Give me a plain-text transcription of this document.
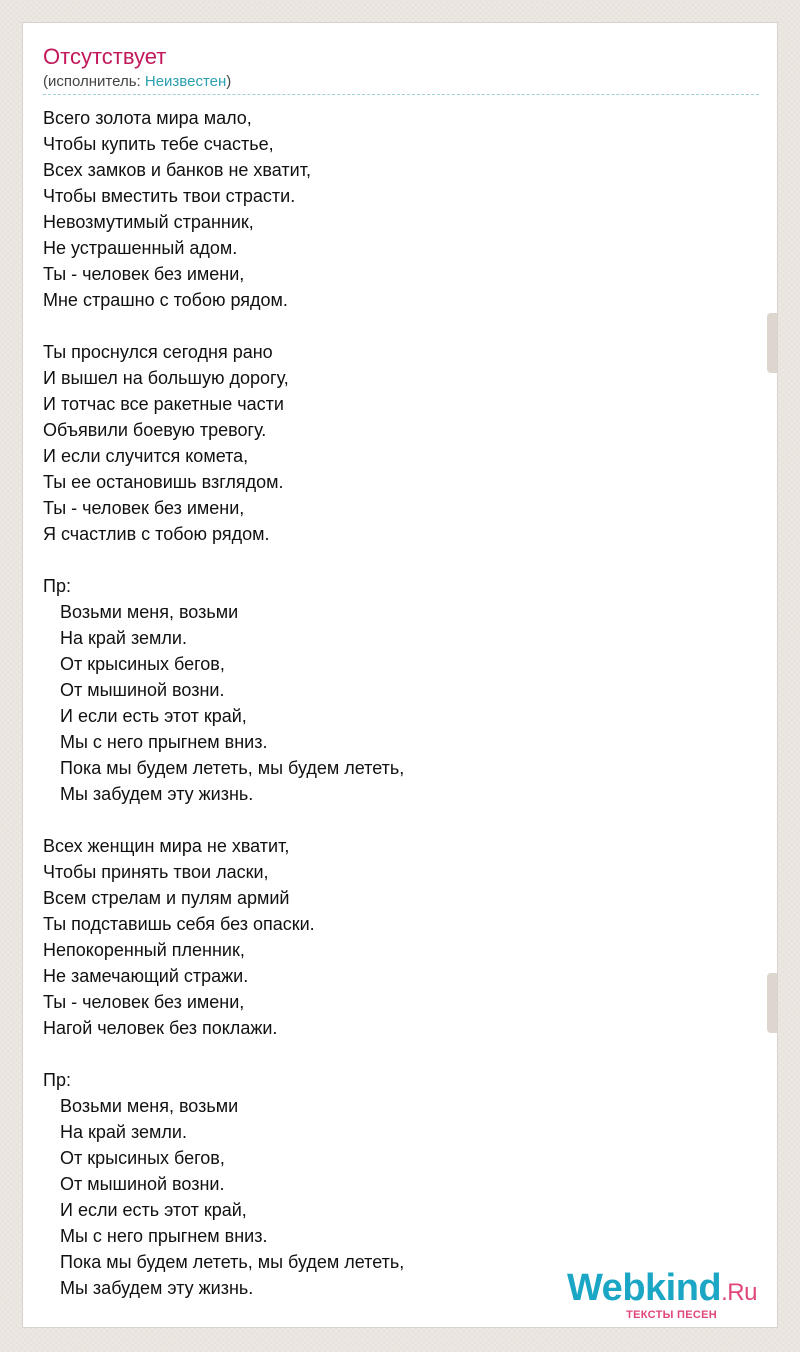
Отсутствует
(исполнитель: Неизвестен)
Всего золота мира мало,
Чтобы купить тебе счастье,
Всех замков и банков не хватит,
Чтобы вместить твои страсти.
Невозмутимый странник,
Не устрашенный адом.
Ты - человек без имени,
Мне страшно с тобою рядом.
Ты проснулся сегодня рано
И вышел на большую дорогу,
И тотчас все ракетные части
Объявили боевую тревогу.
И если случится комета,
Ты ее остановишь взглядом.
Ты - человек без имени,
Я счастлив с тобою рядом.
Пр:
Возьми меня, возьми
На край земли.
От крысиных бегов,
От мышиной возни.
И если есть этот край,
Мы с него прыгнем вниз.
Пока мы будем лететь, мы будем лететь,
Мы забудем эту жизнь.
Всех женщин мира не хватит,
Чтобы принять твои ласки,
Всем стрелам и пулям армий
Ты подставишь себя без опаски.
Непокоренный пленник,
Не замечающий стражи.
Ты - человек без имени,
Нагой человек без поклажи.
Пр:
Возьми меня, возьми
На край земли.
От крысиных бегов,
От мышиной возни.
И если есть этот край,
Мы с него прыгнем вниз.
Пока мы будем лететь, мы будем лететь,
Мы забудем эту жизнь.	Webkind.Ru
ТЕКСТЫ ПЕСЕН
